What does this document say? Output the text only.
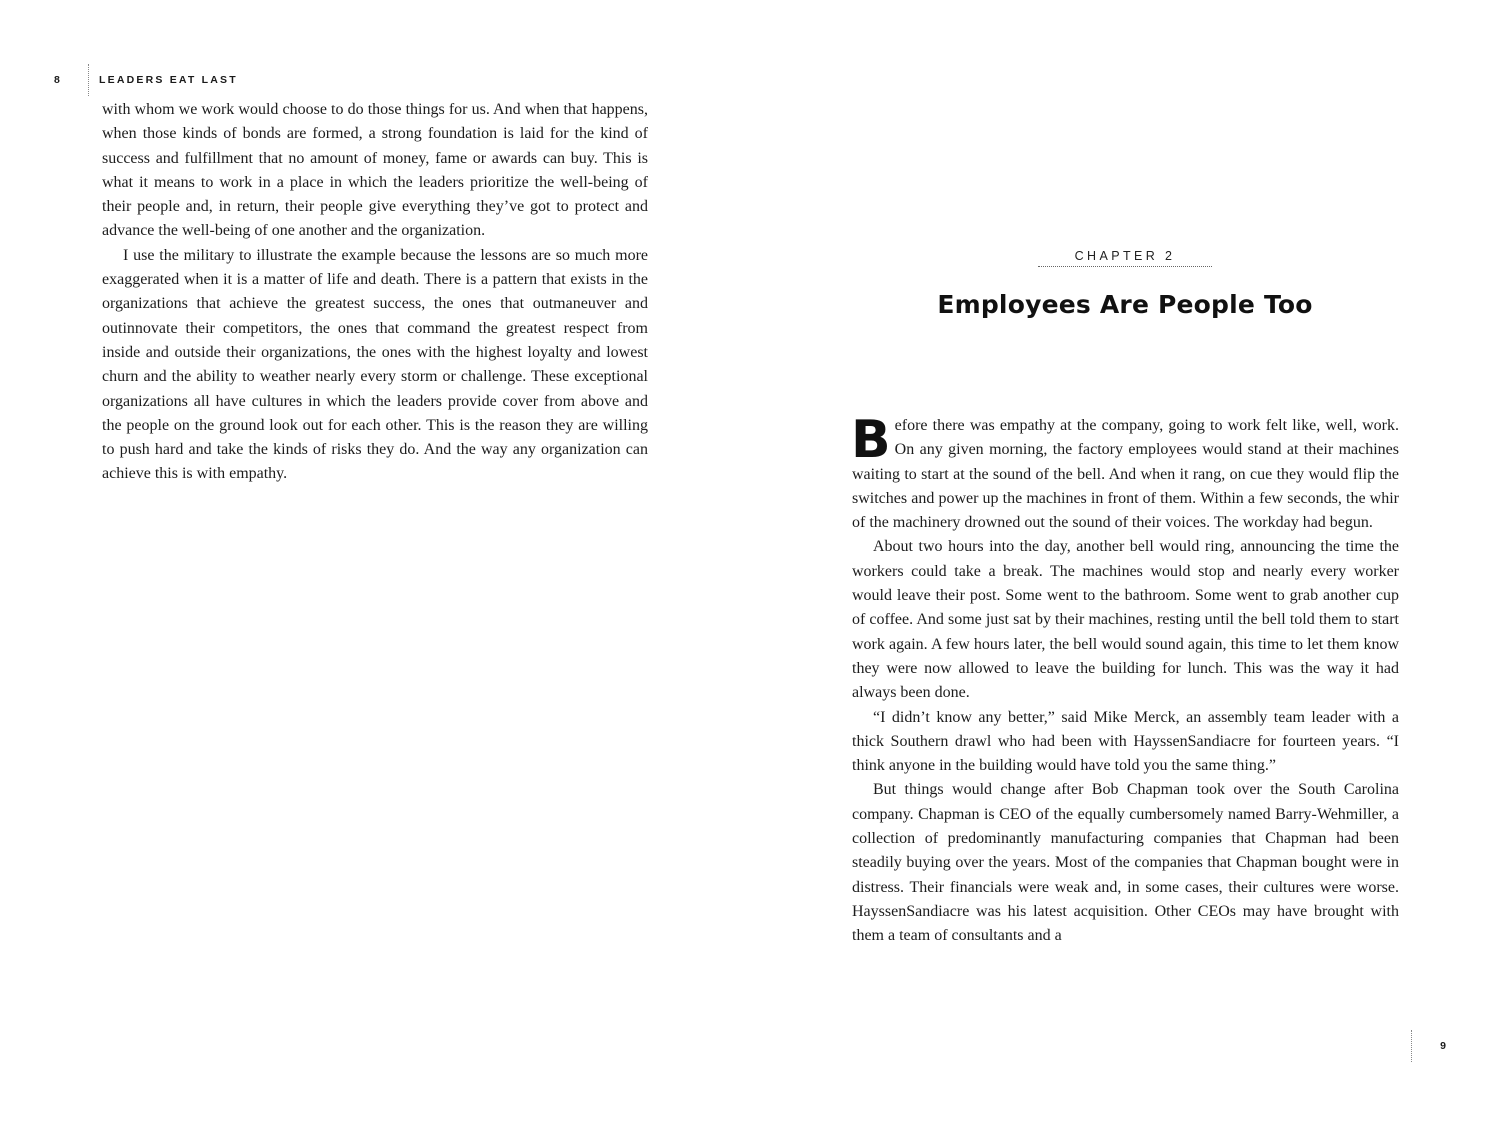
8	LEADERS EAT LAST

with whom we work would choose to do those things for us. And when that happens, when those kinds of bonds are formed, a strong foundation is laid for the kind of success and fulfillment that no amount of money, fame or awards can buy. This is what it means to work in a place in which the leaders prioritize the well-being of their people and, in return, their people give everything they’ve got to protect and advance the well-being of one another and the organization.

I use the military to illustrate the example because the lessons are so much more exaggerated when it is a matter of life and death. There is a pattern that exists in the organizations that achieve the greatest success, the ones that outmaneuver and outinnovate their competitors, the ones that command the greatest respect from inside and outside their organizations, the ones with the highest loyalty and lowest churn and the ability to weather nearly every storm or challenge. These exceptional organizations all have cultures in which the leaders provide cover from above and the people on the ground look out for each other. This is the reason they are willing to push hard and take the kinds of risks they do. And the way any organization can achieve this is with empathy.

CHAPTER 2
Employees Are People Too

Before there was empathy at the company, going to work felt like, well, work. On any given morning, the factory employees would stand at their machines waiting to start at the sound of the bell. And when it rang, on cue they would flip the switches and power up the machines in front of them. Within a few seconds, the whir of the machinery drowned out the sound of their voices. The workday had begun.

About two hours into the day, another bell would ring, announcing the time the workers could take a break. The machines would stop and nearly every worker would leave their post. Some went to the bathroom. Some went to grab another cup of coffee. And some just sat by their machines, resting until the bell told them to start work again. A few hours later, the bell would sound again, this time to let them know they were now allowed to leave the building for lunch. This was the way it had always been done.

“I didn’t know any better,” said Mike Merck, an assembly team leader with a thick Southern drawl who had been with HayssenSandiacre for fourteen years. “I think anyone in the building would have told you the same thing.”

But things would change after Bob Chapman took over the South Carolina company. Chapman is CEO of the equally cumbersomely named Barry-Wehmiller, a collection of predominantly manufacturing companies that Chapman had been steadily buying over the years. Most of the companies that Chapman bought were in distress. Their financials were weak and, in some cases, their cultures were worse. HayssenSandiacre was his latest acquisition. Other CEOs may have brought with them a team of consultants and a

9
